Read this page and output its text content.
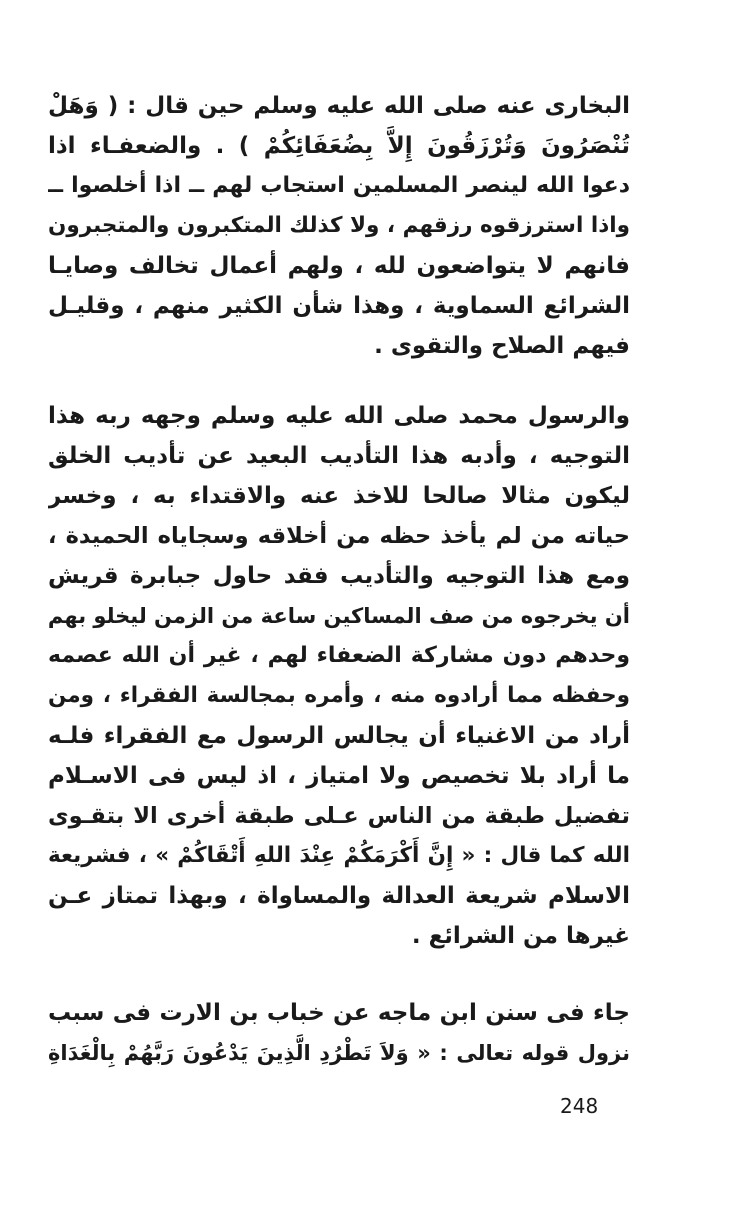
البخارى عنه صلى الله عليه وسلم حين قال : ( وَهَلْ
تُنْصَرُونَ وَتُرْزَقُونَ إِلاَّ بِضُعَفَائِكُمْ ) . والضعفـاء اذا
دعوا الله لينصر المسلمين استجاب لهم ــ اذا أخلصوا ــ
واذا استرزقوه رزقهم ، ولا كذلك المتكبرون والمتجبرون
فانهم لا يتواضعون لله ، ولهم أعمال تخالف وصايـا
الشرائع السماوية ، وهذا شأن الكثير منهم ، وقليـل
فيهم الصلاح والتقوى .
والرسول محمد صلى الله عليه وسلم وجهه ربه هذا
التوجيه ، وأدبه هذا التأديب البعيد عن تأديب الخلق
ليكون مثالا صالحا للاخذ عنه والاقتداء به ، وخسر
حياته من لم يأخذ حظه من أخلاقه وسجاياه الحميدة ،
ومع هذا التوجيه والتأديب فقد حاول جبابرة قريش
أن يخرجوه من صف المساكين ساعة من الزمن ليخلو بهم
وحدهم دون مشاركة الضعفاء لهم ، غير أن الله عصمه
وحفظه مما أرادوه منه ، وأمره بمجالسة الفقراء ، ومن
أراد من الاغنياء أن يجالس الرسول مع الفقراء فلـه
ما أراد بلا تخصيص ولا امتياز ، اذ ليس فى الاسـلام
تفضيل طبقة من الناس عـلى طبقة أخرى الا بتقـوى
الله كما قال : « إِنَّ أَكْرَمَكُمْ عِنْدَ اللهِ أَتْقَاكُمْ » ، فشريعة
الاسلام شريعة العدالة والمساواة ، وبهذا تمتاز عـن
غيرها من الشرائع .
جاء فى سنن ابن ماجه عن خباب بن الارت فى سبب
نزول قوله تعالى : « وَلاَ تَطْرُدِ الَّذِينَ يَدْعُونَ رَبَّهُمْ بِالْغَدَاةِ
248
